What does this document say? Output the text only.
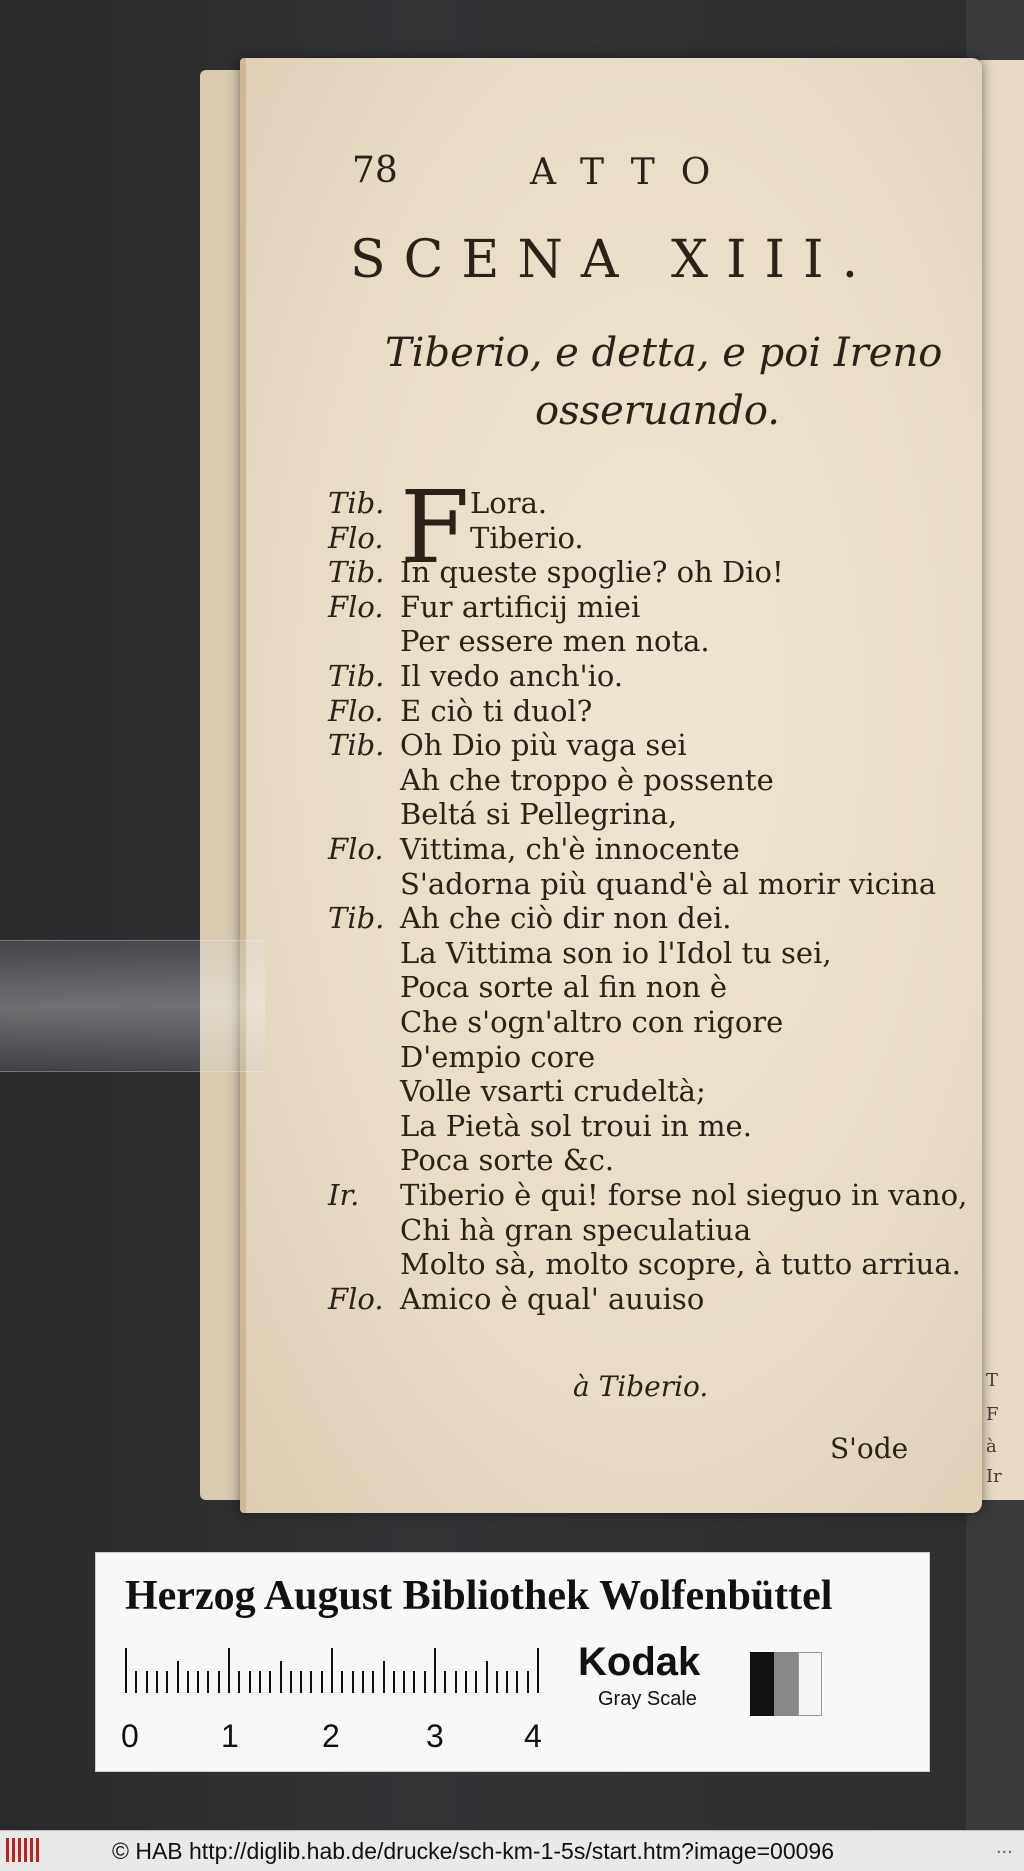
T
F
à
Ir
78	ATTO
SCENA XIII.
Tiberio, e detta, e poi Ireno
osseruando.
F
Tib.	Lora.
Flo.	Tiberio.
Tib. In queste spoglie? oh Dio!
Flo. Fur artificij miei
Per essere men nota.
Tib. Il vedo anch'io.
Flo. E ciò ti duol?
Tib. Oh Dio più vaga sei
Ah che troppo è possente
Beltá si Pellegrina,
Flo. Vittima, ch'è innocente
S'adorna più quand'è al morir vicina
Tib. Ah che ciò dir non dei.
La Vittima son io l'Idol tu sei,
Poca sorte al fin non è
Che s'ogn'altro con rigore
D'empio core
Volle vsarti crudeltà;
La Pietà sol troui in me.
Poca sorte &c.
Ir. Tiberio è qui! forse nol sieguo in vano,
Chi hà gran speculatiua
Molto sà, molto scopre, à tutto arriua.
Flo. Amico è qual' auuiso
à Tiberio.
S'ode
Herzog August Bibliothek Wolfenbüttel
0	1	2	3	4
Kodak
Gray Scale
© HAB http://diglib.hab.de/drucke/sch-km-1-5s/start.htm?image=00096	...
